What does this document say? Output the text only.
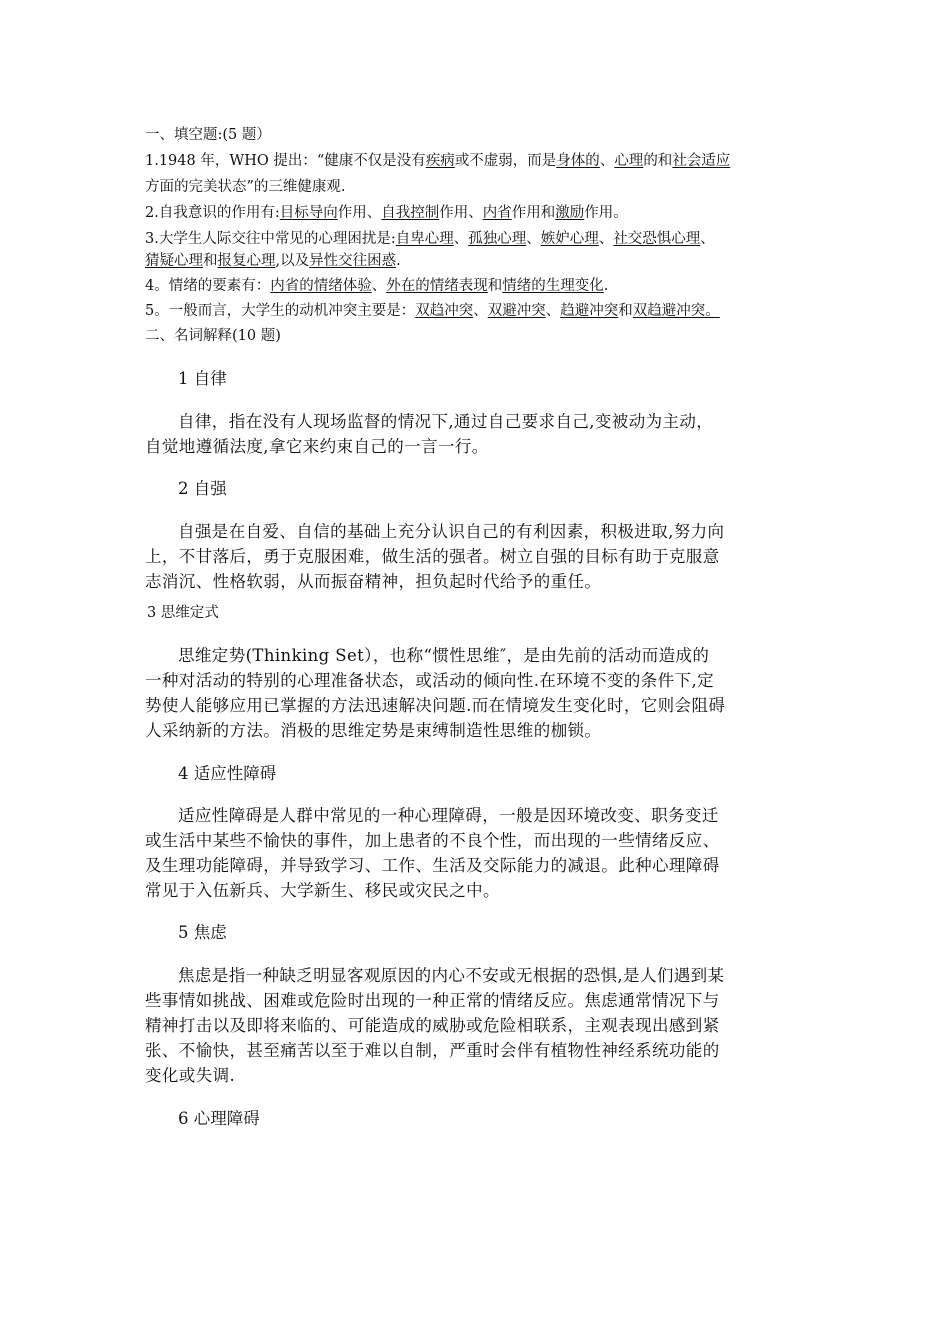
一、填空题:(5 题）
1.1948 年，WHO 提出：“健康不仅是没有疾病或不虚弱，而是身体的、心理的和社会适应
方面的完美状态”的三维健康观.
2.自我意识的作用有:目标导向作用、自我控制作用、内省作用和激励作用。
3.大学生人际交往中常见的心理困扰是:自卑心理、孤独心理、嫉妒心理、社交恐惧心理、
猜疑心理和报复心理,以及异性交往困惑.
4。情绪的要素有：内省的情绪体验、外在的情绪表现和情绪的生理变化.
5。一般而言，大学生的动机冲突主要是：双趋冲突、双避冲突、趋避冲突和双趋避冲突。
二、名词解释(10 题)
1 自律
自律，指在没有人现场监督的情况下,通过自己要求自己,变被动为主动，
自觉地遵循法度,拿它来约束自己的一言一行。
2 自强
自强是在自爱、自信的基础上充分认识自己的有利因素，积极进取,努力向
上，不甘落后，勇于克服困难，做生活的强者。树立自强的目标有助于克服意
志消沉、性格软弱，从而振奋精神，担负起时代给予的重任。
3 思维定式
思维定势(Thinking Set），也称“惯性思维″，是由先前的活动而造成的
一种对活动的特别的心理准备状态，或活动的倾向性.在环境不变的条件下,定
势使人能够应用已掌握的方法迅速解决问题.而在情境发生变化时，它则会阻碍
人采纳新的方法。消极的思维定势是束缚制造性思维的枷锁。
4 适应性障碍
适应性障碍是人群中常见的一种心理障碍，一般是因环境改变、职务变迁
或生活中某些不愉快的事件，加上患者的不良个性，而出现的一些情绪反应、
及生理功能障碍，并导致学习、工作、生活及交际能力的减退。此种心理障碍
常见于入伍新兵、大学新生、移民或灾民之中。
5 焦虑
焦虑是指一种缺乏明显客观原因的内心不安或无根据的恐惧,是人们遇到某
些事情如挑战、困难或危险时出现的一种正常的情绪反应。焦虑通常情况下与
精神打击以及即将来临的、可能造成的威胁或危险相联系，主观表现出感到紧
张、不愉快，甚至痛苦以至于难以自制，严重时会伴有植物性神经系统功能的
变化或失调.
6 心理障碍
